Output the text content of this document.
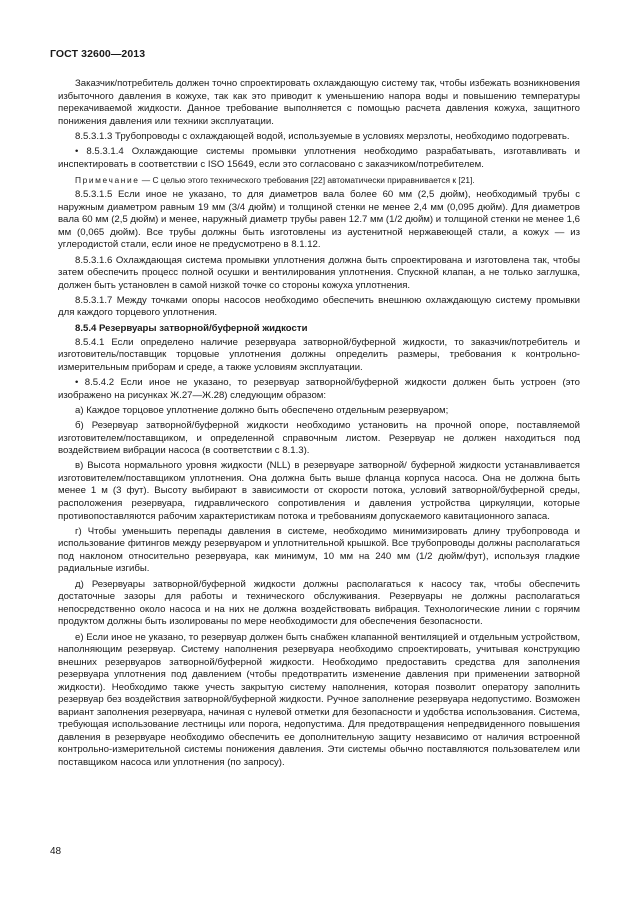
ГОСТ 32600—2013

Заказчик/потребитель должен точно спроектировать охлаждающую систему так, чтобы избежать возникновения избыточного давления в кожухе, так как это приводит к уменьшению напора воды и повышению температуры перекачиваемой жидкости. Данное требование выполняется с помощью расчета давления кожуха, защитного понижения давления или техники эксплуатации.

8.5.3.1.3 Трубопроводы с охлаждающей водой, используемые в условиях мерзлоты, необходимо подогревать.

• 8.5.3.1.4 Охлаждающие системы промывки уплотнения необходимо разрабатывать, изготавливать и инспектировать в соответствии с ISO 15649, если это согласовано с заказчиком/потребителем.

Примечание — С целью этого технического требования [22] автоматически приравнивается к [21].

8.5.3.1.5 Если иное не указано, то для диаметров вала более 60 мм (2,5 дюйм), необходимый трубы с наружным диаметром равным 19 мм (3/4 дюйм) и толщиной стенки не менее 2,4 мм (0,095 дюйм). Для диаметров вала 60 мм (2,5 дюйм) и менее, наружный диаметр трубы равен 12.7 мм (1/2 дюйм) и толщиной стенки не менее 1,6 мм (0,065 дюйм). Все трубы должны быть изготовлены из аустенитной нержавеющей стали, а кожух — из углеродистой стали, если иное не предусмотрено в 8.1.12.

8.5.3.1.6 Охлаждающая система промывки уплотнения должна быть спроектирована и изготовлена так, чтобы затем обеспечить процесс полной осушки и вентилирования уплотнения. Спускной клапан, а не только заглушка, должен быть установлен в самой низкой точке со стороны кожуха уплотнения.

8.5.3.1.7 Между точками опоры насосов необходимо обеспечить внешнюю охлаждающую систему промывки для каждого торцевого уплотнения.

8.5.4 Резервуары затворной/буферной жидкости

8.5.4.1 Если определено наличие резервуара затворной/буферной жидкости, то заказчик/потребитель и изготовитель/поставщик торцовые уплотнения должны определить размеры, требования к контрольно-измерительным приборам и среде, а также условиям эксплуатации.

• 8.5.4.2 Если иное не указано, то резервуар затворной/буферной жидкости должен быть устроен (это изображено на рисунках Ж.27—Ж.28) следующим образом:

а) Каждое торцовое уплотнение должно быть обеспечено отдельным резервуаром;

б) Резервуар затворной/буферной жидкости необходимо установить на прочной опоре, поставляемой изготовителем/поставщиком, и определенной справочным листом. Резервуар не должен находиться под воздействием вибрации насоса (в соответствии с 8.1.3).

в) Высота нормального уровня жидкости (NLL) в резервуаре затворной/ буферной жидкости устанавливается изготовителем/поставщиком уплотнения. Она должна быть выше фланца корпуса насоса. Она не должна быть менее 1 м (3 фут). Высоту выбирают в зависимости от скорости потока, условий затворной/буферной среды, расположения резервуара, гидравлического сопротивления и давления устройства циркуляции, которые противопоставляются рабочим характеристикам потока и требованиям допускаемого кавитационного запаса.

г) Чтобы уменьшить перепады давления в системе, необходимо минимизировать длину трубопровода и использование фитингов между резервуаром и уплотнительной крышкой. Все трубопроводы должны располагаться под наклоном относительно резервуара, как минимум, 10 мм на 240 мм (1/2 дюйм/фут), используя гладкие радиальные изгибы.

д) Резервуары затворной/буферной жидкости должны располагаться к насосу так, чтобы обеспечить достаточные зазоры для работы и технического обслуживания. Резервуары не должны располагаться непосредственно около насоса и на них не должна воздействовать вибрация. Технологические линии с горячим продуктом должны быть изолированы по мере необходимости для обеспечения безопасности.

е) Если иное не указано, то резервуар должен быть снабжен клапанной вентиляцией и отдельным устройством, наполняющим резервуар. Систему наполнения резервуара необходимо спроектировать, учитывая конструкцию внешних резервуаров затворной/буферной жидкости. Необходимо предоставить средства для заполнения резервуара уплотнения под давлением (чтобы предотвратить изменение давления при применении затворной жидкости). Необходимо также учесть закрытую систему наполнения, которая позволит оператору заполнить резервуар без воздействия затворной/буферной жидкости. Ручное заполнение резервуара недопустимо. Возможен вариант заполнения резервуара, начиная с нулевой отметки для безопасности и удобства использования. Система, требующая использование лестницы или порога, недопустима. Для предотвращения непредвиденного повышения давления в резервуаре необходимо обеспечить ее дополнительную защиту независимо от наличия встроенной контрольно-измерительной системы понижения давления. Эти системы обычно поставляются пользователем или поставщиком насоса или уплотнения (по запросу).

48
